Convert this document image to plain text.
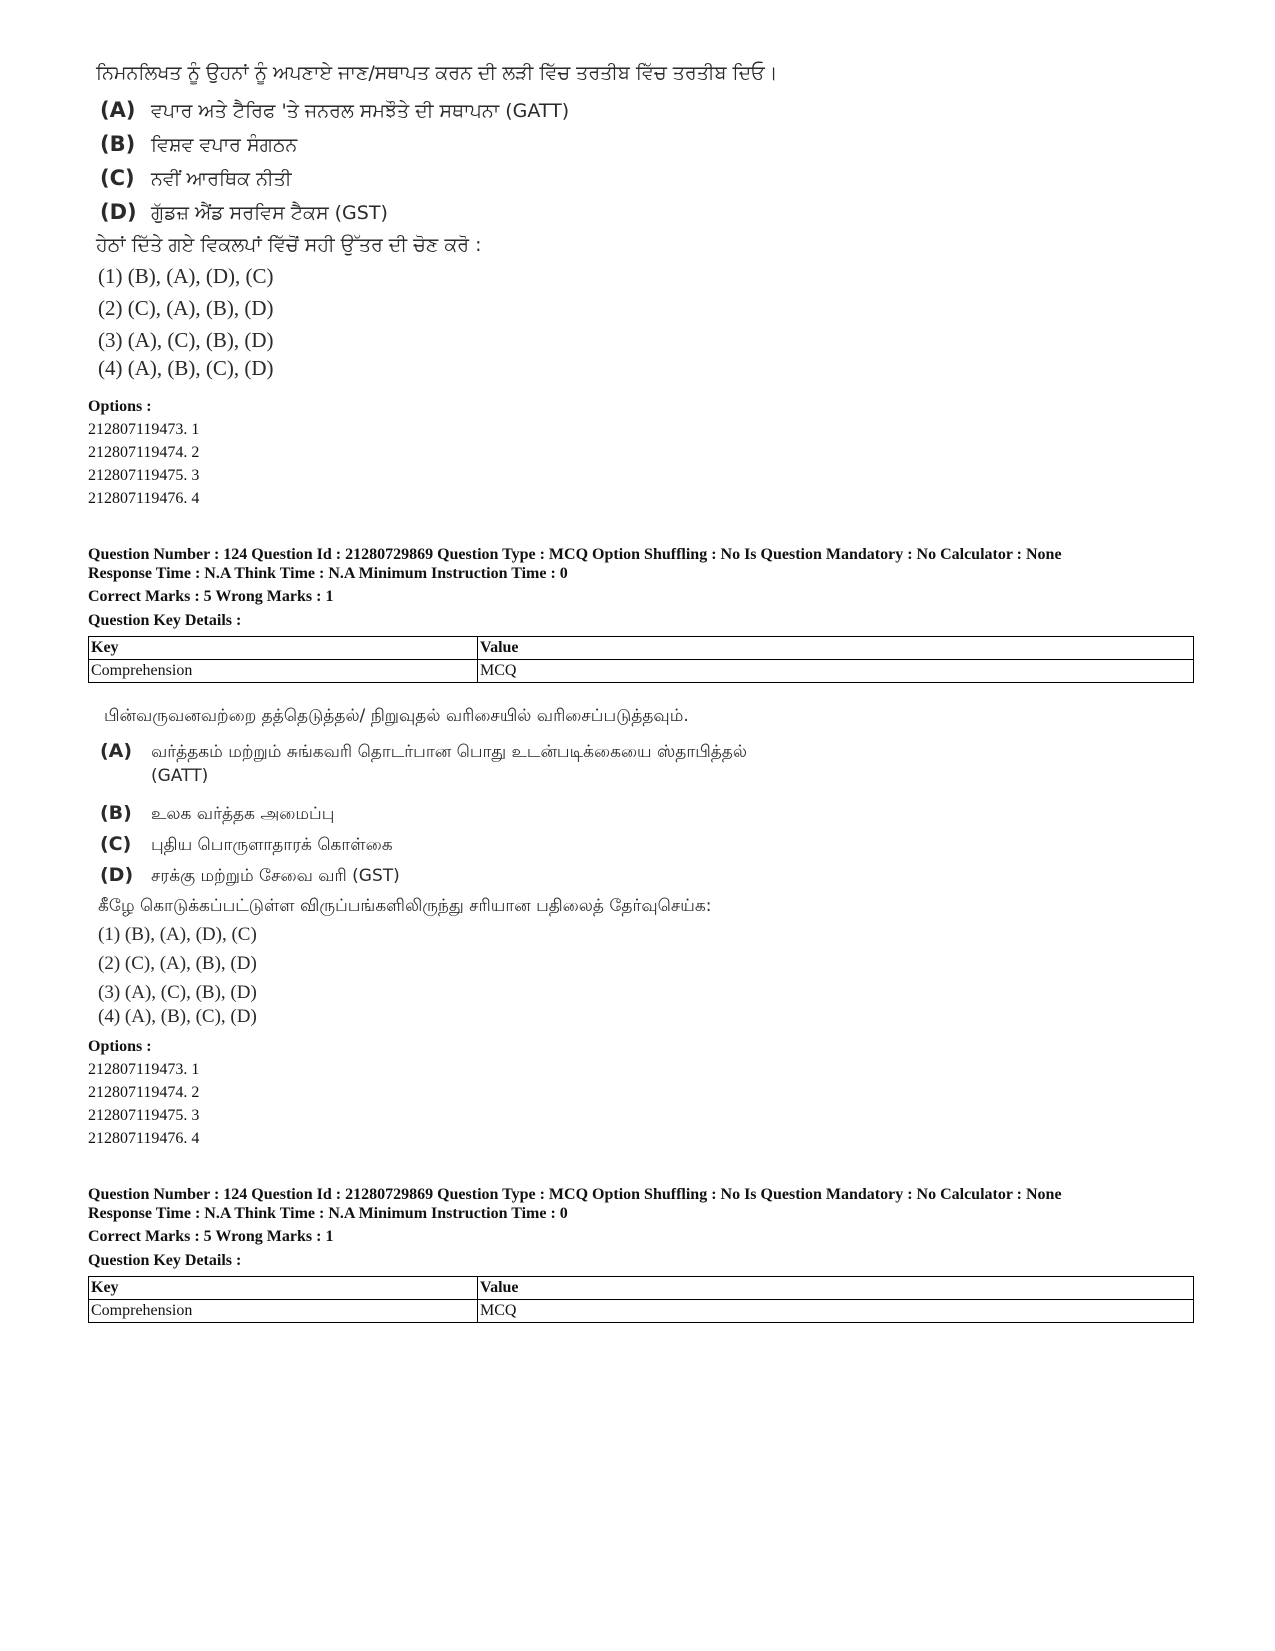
ਨਿਮਨਲਿਖਤ ਨੂੰ ਉਹਨਾਂ ਨੂੰ ਅਪਣਾਏ ਜਾਣ/ਸਥਾਪਤ ਕਰਨ ਦੀ ਲੜੀ ਵਿੱਚ ਤਰਤੀਬ ਵਿੱਚ ਤਰਤੀਬ ਦਿਓ।
(A) ਵਪਾਰ ਅਤੇ ਟੈਰਿਫ 'ਤੇ ਜਨਰਲ ਸਮਝੌਤੇ ਦੀ ਸਥਾਪਨਾ (GATT)
(B) ਵਿਸ਼ਵ ਵਪਾਰ ਸੰਗਠਨ
(C) ਨਵੀਂ ਆਰਥਿਕ ਨੀਤੀ
(D) ਗੁੱਡਜ਼ ਐਂਡ ਸਰਵਿਸ ਟੈਕਸ (GST)
ਹੇਠਾਂ ਦਿੱਤੇ ਗਏ ਵਿਕਲਪਾਂ ਵਿੱਚੋਂ ਸਹੀ ਉੱਤਰ ਦੀ ਚੋਣ ਕਰੋ :
(1) (B), (A), (D), (C)
(2) (C), (A), (B), (D)
(3) (A), (C), (B), (D)
(4) (A), (B), (C), (D)
Options :
212807119473. 1
212807119474. 2
212807119475. 3
212807119476. 4
Question Number : 124 Question Id : 21280729869 Question Type : MCQ Option Shuffling : No Is Question Mandatory : No Calculator : None
Response Time : N.A Think Time : N.A Minimum Instruction Time : 0
Correct Marks : 5 Wrong Marks : 1
Question Key Details :
Key	Value
Comprehension	MCQ
பின்வருவனவற்றை தத்தெடுத்தல்/ நிறுவுதல் வரிசையில் வரிசைப்படுத்தவும்.
(A) வர்த்தகம் மற்றும் சுங்கவரி தொடர்பான பொது உடன்படிக்கையை ஸ்தாபித்தல்
(GATT)
(B) உலக வர்த்தக அமைப்பு
(C) புதிய பொருளாதாரக் கொள்கை
(D) சரக்கு மற்றும் சேவை வரி (GST)
கீழே கொடுக்கப்பட்டுள்ள விருப்பங்களிலிருந்து சரியான பதிலைத் தேர்வுசெய்க:
(1) (B), (A), (D), (C)
(2) (C), (A), (B), (D)
(3) (A), (C), (B), (D)
(4) (A), (B), (C), (D)
Options :
212807119473. 1
212807119474. 2
212807119475. 3
212807119476. 4
Question Number : 124 Question Id : 21280729869 Question Type : MCQ Option Shuffling : No Is Question Mandatory : No Calculator : None
Response Time : N.A Think Time : N.A Minimum Instruction Time : 0
Correct Marks : 5 Wrong Marks : 1
Question Key Details :
Key	Value
Comprehension	MCQ
